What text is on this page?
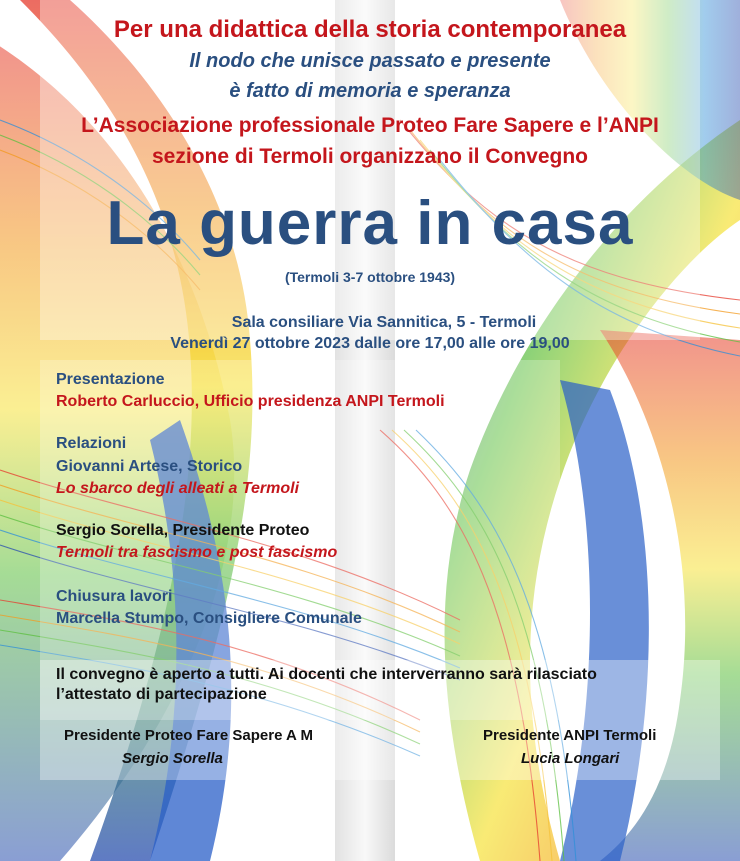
Per una didattica della storia contemporanea

Il nodo che unisce passato e presente

è fatto di memoria e speranza

L’Associazione professionale Proteo Fare Sapere e l’ANPI

sezione di Termoli organizzano il Convegno

La guerra in casa

(Termoli 3-7 ottobre 1943)

Sala consiliare Via Sannitica, 5 - Termoli

Venerdì 27 ottobre 2023 dalle ore 17,00 alle ore 19,00

Presentazione

Roberto Carluccio, Ufficio presidenza ANPI Termoli

Relazioni

Giovanni Artese, Storico

Lo sbarco degli alleati a Termoli

Sergio Sorella, Presidente Proteo

Termoli tra fascismo e post fascismo

Chiusura lavori

Marcella Stumpo, Consigliere Comunale

Il convegno è aperto a tutti. Ai docenti che interverranno sarà rilasciato

l’attestato di partecipazione

Presidente Proteo Fare Sapere A M

Sergio Sorella

Presidente ANPI Termoli

Lucia Longari
